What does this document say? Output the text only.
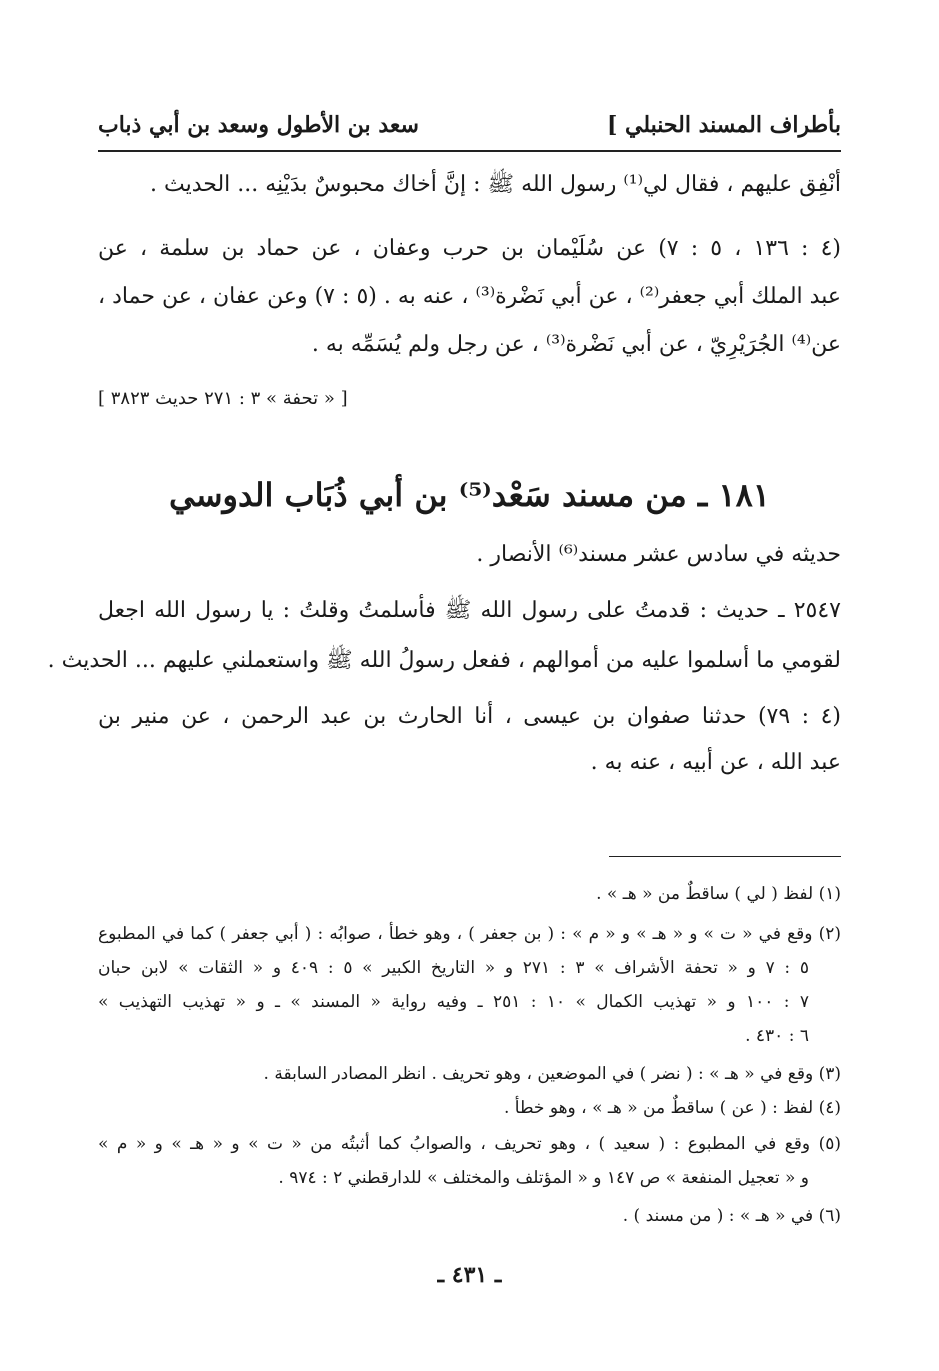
بأطراف المسند الحنبلي ]
سعد بن الأطول وسعد بن أبي ذباب
أنْفِق عليهم ، فقال لي⁽¹⁾ رسول الله ﷺ : إنَّ أخاك محبوسٌ بدَيْنِه ... الحديث .
(٤ : ١٣٦ ، ٥ : ٧) عن سُلَيْمان بن حرب وعفان ، عن حماد بن سلمة ، عن
عبد الملك أبي جعفر⁽²⁾ ، عن أبي نَضْرة⁽³⁾ ، عنه به . (٥ : ٧) وعن عفان ، عن حماد ،
عن⁽⁴⁾ الجُرَيْرِيّ ، عن أبي نَضْرة⁽³⁾ ، عن رجل ولم يُسَمِّه به .
[ « تحفة » ٣ : ٢٧١ حديث ٣٨٢٣ ]
١٨١ ـ من مسند سَعْد⁽⁵⁾ بن أبي ذُبَاب الدوسي
حديثه في سادس عشر مسند⁽⁶⁾ الأنصار .
٢٥٤٧ ـ حديث : قدمتُ على رسول الله ﷺ فأسلمتُ وقلتُ : يا رسول الله اجعل
لقومي ما أسلموا عليه من أموالهم ، ففعل رسولُ الله ﷺ واستعملني عليهم ... الحديث .
(٤ : ٧٩) حدثنا صفوان بن عيسى ، أنا الحارث بن عبد الرحمن ، عن منير بن
عبد الله ، عن أبيه ، عنه به .
(١) لفظ ( لي ) ساقطٌ من « هـ » .
(٢) وقع في « ت » و « هـ » و « م » : ( بن جعفر ) ، وهو خطأ ، صوابُه : ( أبي جعفر ) كما في المطبوع
٥ : ٧ و « تحفة الأشراف » ٣ : ٢٧١ و « التاريخ الكبير » ٥ : ٤٠٩ و « الثقات » لابن حبان
٧ : ١٠٠ و « تهذيب الكمال » ١٠ : ٢٥١ ـ وفيه رواية « المسند » ـ و « تهذيب التهذيب »
٦ : ٤٣٠ .
(٣) وقع في « هـ » : ( نضر ) في الموضعين ، وهو تحريف . انظر المصادر السابقة .
(٤) لفظ : ( عن ) ساقطٌ من « هـ » ، وهو خطأ .
(٥) وقع في المطبوع : ( سعيد ) ، وهو تحريف ، والصوابُ كما أثبتُه من « ت » و « هـ » و « م »
و « تعجيل المنفعة » ص ١٤٧ و « المؤتلف والمختلف » للدارقطني ٢ : ٩٧٤ .
(٦) في « هـ » : ( من مسند ) .
ـ ٤٣١ ـ
